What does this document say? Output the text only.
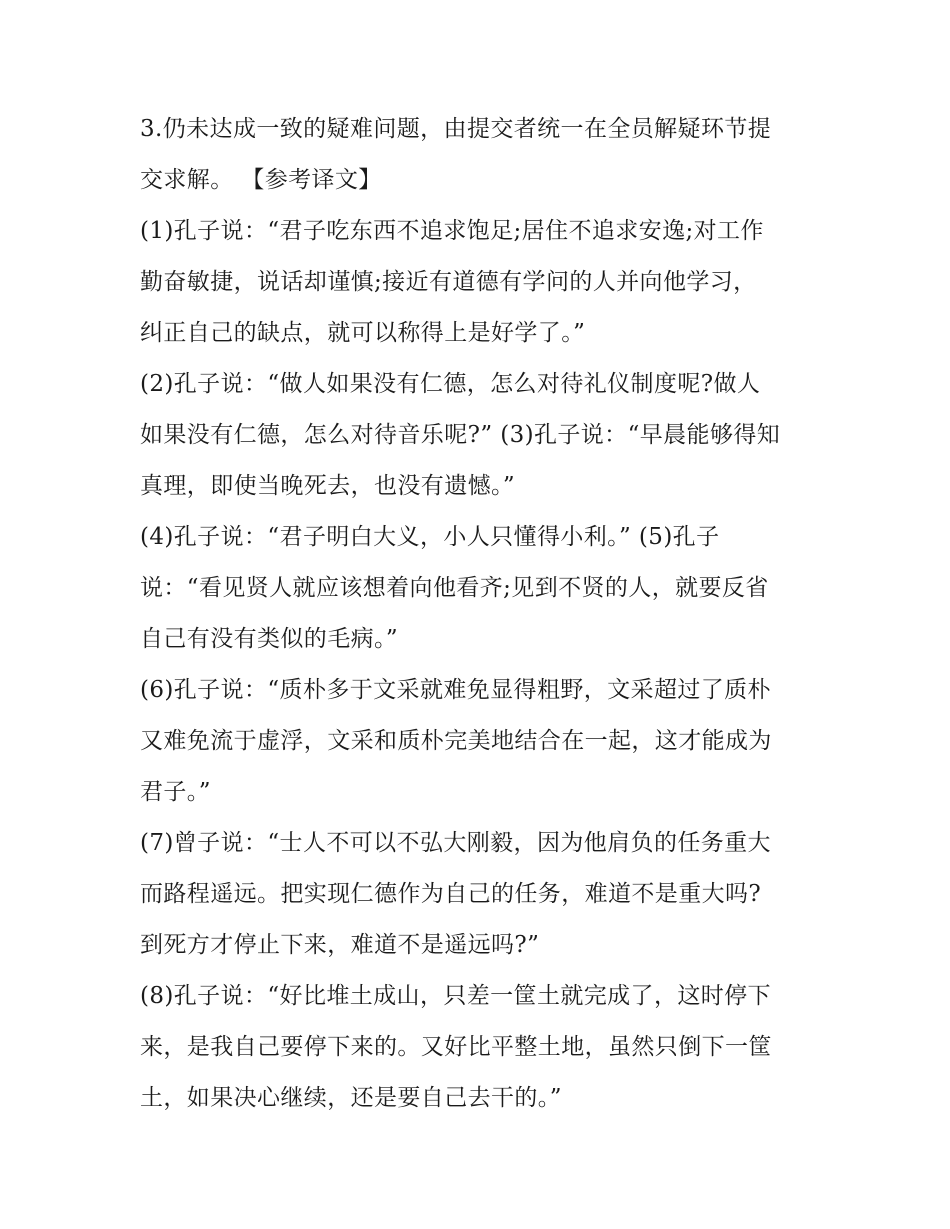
3.仍未达成一致的疑难问题，由提交者统一在全员解疑环节提
交求解。 【参考译文】
(1)孔子说：“君子吃东西不追求饱足;居住不追求安逸;对工作
勤奋敏捷，说话却谨慎;接近有道德有学问的人并向他学习，
纠正自己的缺点，就可以称得上是好学了。”
(2)孔子说：“做人如果没有仁德，怎么对待礼仪制度呢?做人
如果没有仁德，怎么对待音乐呢?” (3)孔子说：“早晨能够得知
真理，即使当晚死去，也没有遗憾。”
(4)孔子说：“君子明白大义，小人只懂得小利。” (5)孔子
说：“看见贤人就应该想着向他看齐;见到不贤的人，就要反省
自己有没有类似的毛病。”
(6)孔子说：“质朴多于文采就难免显得粗野，文采超过了质朴
又难免流于虚浮，文采和质朴完美地结合在一起，这才能成为
君子。”
(7)曾子说：“士人不可以不弘大刚毅，因为他肩负的任务重大
而路程遥远。把实现仁德作为自己的任务，难道不是重大吗?
到死方才停止下来，难道不是遥远吗?”
(8)孔子说：“好比堆土成山，只差一筐土就完成了，这时停下
来，是我自己要停下来的。又好比平整土地，虽然只倒下一筐
土，如果决心继续，还是要自己去干的。”
